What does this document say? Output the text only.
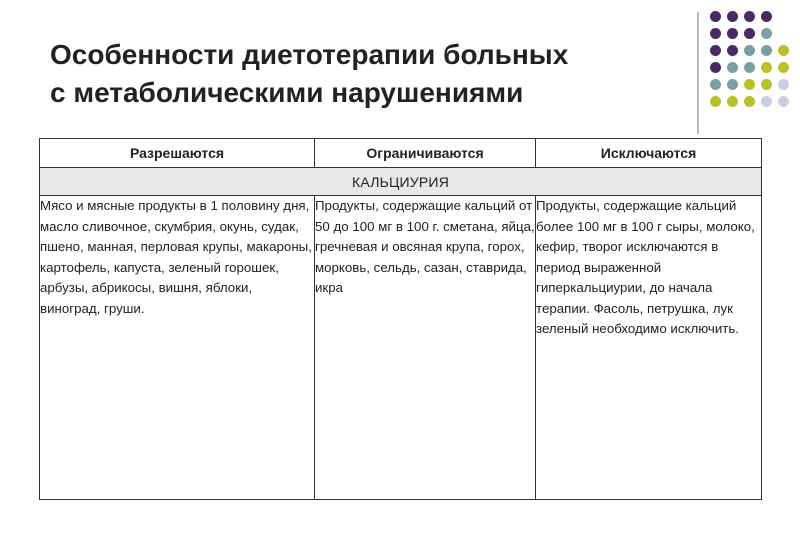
Особенности диетотерапии больных
с метаболическими нарушениями
Разрешаются	Ограничиваются	Исключаются
КАЛЬЦИУРИЯ		
Мясо и мясные продукты в 1 половину дня, масло сливочное, скумбрия, окунь, судак, пшено, манная, перловая крупы, макароны, картофель, капуста, зеленый горошек, арбузы, абрикосы, вишня, яблоки, виноград, груши.	Продукты, содержащие кальций от 50 до 100 мг в 100 г. сметана, яйца, гречневая и овсяная крупа, горох, морковь, сельдь, сазан, ставрида, икра	Продукты, содержащие кальций более 100 мг в 100 г сыры, молоко, кефир, творог исключаются в период выраженной гиперкальциурии, до начала терапии. Фасоль, петрушка, лук зеленый необходимо исключить.
